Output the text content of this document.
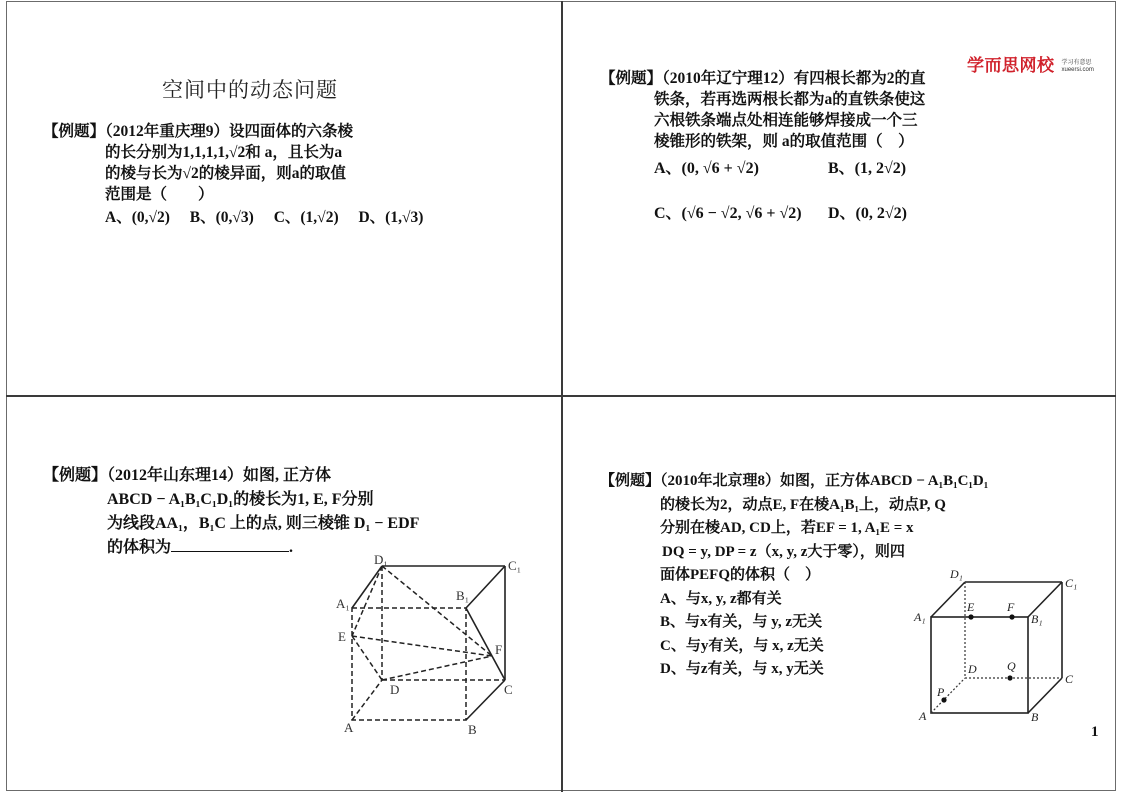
空间中的动态问题
【例题】（2012年重庆理9）设四面体的六条棱
的长分别为1,1,1,1,√2和 a，且长为a
的棱与长为√2的棱异面，则a的取值
范围是（　　）
A、(0,√2) B、(0,√3) C、(1,√2) D、(1,√3)
学而思网校 学习有意思
xueersi.com
【例题】（2010年辽宁理12）有四根长都为2的直
铁条，若再选两根长都为a的直铁条使这
六根铁条端点处相连能够焊接成一个三
棱锥形的铁架，则 a的取值范围（　）
A、(0, √6 + √2)	B、(1, 2√2)
C、(√6 − √2, √6 + √2) D、(0, 2√2)
【例题】（2012年山东理14）如图, 正方体
ABCD − A₁B₁C₁D₁的棱长为1, E, F分别
为线段AA₁，B₁C 上的点, 则三棱锥 D₁ − EDF
的体积为	.
D₁	C₁
A₁
B₁
E
F
D	C
A	B
【例题】（2010年北京理8）如图，正方体ABCD − A₁B₁C₁D₁
的棱长为2，动点E, F在棱A₁B₁上，动点P, Q
分别在棱AD, CD上，若EF = 1, A₁E = x
DQ = y, DP = z（x, y, z大于零），则四
面体PEFQ的体积（　）
A、与x, y, z都有关
B、与x有关，与 y, z无关
C、与y有关，与 x, z无关
D、与z有关，与 x, y无关
D₁
C₁
A₁
E	F
B₁
D	Q
C
P
A	B
1
